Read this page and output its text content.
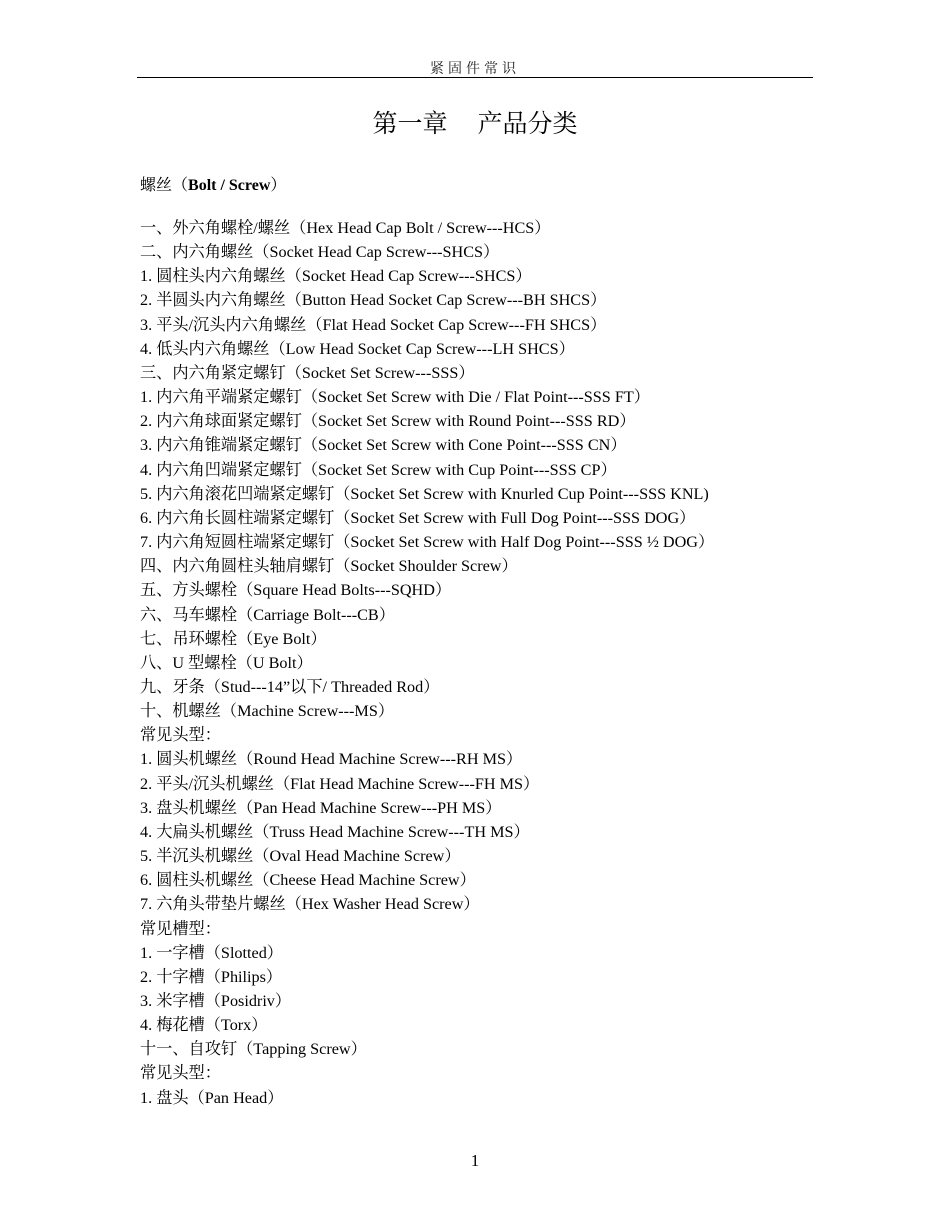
紧固件常识
第一章 产品分类
螺丝（Bolt / Screw）
一、外六角螺栓/螺丝（Hex Head Cap Bolt / Screw---HCS）
二、内六角螺丝（Socket Head Cap Screw---SHCS）
1. 圆柱头内六角螺丝（Socket Head Cap Screw---SHCS）
2. 半圆头内六角螺丝（Button Head Socket Cap Screw---BH SHCS）
3. 平头/沉头内六角螺丝（Flat Head Socket Cap Screw---FH SHCS）
4. 低头内六角螺丝（Low Head Socket Cap Screw---LH SHCS）
三、内六角紧定螺钉（Socket Set Screw---SSS）
1. 内六角平端紧定螺钉（Socket Set Screw with Die / Flat Point---SSS FT）
2. 内六角球面紧定螺钉（Socket Set Screw with Round Point---SSS RD）
3. 内六角锥端紧定螺钉（Socket Set Screw with Cone Point---SSS CN）
4. 内六角凹端紧定螺钉（Socket Set Screw with Cup Point---SSS CP）
5. 内六角滚花凹端紧定螺钉（Socket Set Screw with Knurled Cup Point---SSS KNL)
6. 内六角长圆柱端紧定螺钉（Socket Set Screw with Full Dog Point---SSS DOG）
7. 内六角短圆柱端紧定螺钉（Socket Set Screw with Half Dog Point---SSS ½ DOG）
四、内六角圆柱头轴肩螺钉（Socket Shoulder Screw）
五、方头螺栓（Square Head Bolts---SQHD）
六、马车螺栓（Carriage Bolt---CB）
七、吊环螺栓（Eye Bolt）
八、U 型螺栓（U Bolt）
九、牙条（Stud---14”以下/ Threaded Rod）
十、机螺丝（Machine Screw---MS）
常见头型：
1. 圆头机螺丝（Round Head Machine Screw---RH MS）
2. 平头/沉头机螺丝（Flat Head Machine Screw---FH MS）
3. 盘头机螺丝（Pan Head Machine Screw---PH MS）
4. 大扁头机螺丝（Truss Head Machine Screw---TH MS）
5. 半沉头机螺丝（Oval Head Machine Screw）
6. 圆柱头机螺丝（Cheese Head Machine Screw）
7. 六角头带垫片螺丝（Hex Washer Head Screw）
常见槽型：
1. 一字槽（Slotted）
2. 十字槽（Philips）
3. 米字槽（Posidriv）
4. 梅花槽（Torx）
十一、自攻钉（Tapping Screw）
常见头型：
1. 盘头（Pan Head）
1
